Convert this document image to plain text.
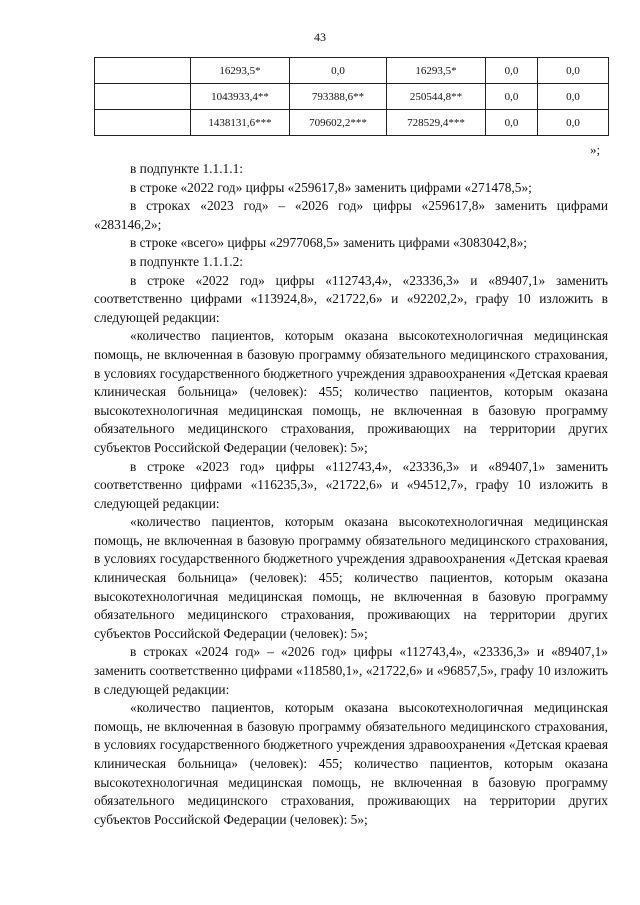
43
	16293,5*	0,0	16293,5*	0,0	0,0
	1043933,4**	793388,6**	250544,8**	0,0	0,0
	1438131,6***	709602,2***	728529,4***	0,0	0,0
»;

в подпункте 1.1.1.1:

в строке «2022 год» цифры «259617,8» заменить цифрами «271478,5»;

в строках «2023 год» – «2026 год» цифры «259617,8» заменить цифрами «283146,2»;

в строке «всего» цифры «2977068,5» заменить цифрами «3083042,8»;

в подпункте 1.1.1.2:

в строке «2022 год» цифры «112743,4», «23336,3» и «89407,1» заменить соответственно цифрами «113924,8», «21722,6» и «92202,2», графу 10 изложить в следующей редакции:

«количество пациентов, которым оказана высокотехнологичная медицинская помощь, не включенная в базовую программу обязательного медицинского страхования, в условиях государственного бюджетного учреждения здравоохранения «Детская краевая клиническая больница» (человек): 455; количество пациентов, которым оказана высокотехнологичная медицинская помощь, не включенная в базовую программу обязательного медицинского страхования, проживающих на территории других субъектов Российской Федерации (человек): 5»;

в строке «2023 год» цифры «112743,4», «23336,3» и «89407,1» заменить соответственно цифрами «116235,3», «21722,6» и «94512,7», графу 10 изложить в следующей редакции:

«количество пациентов, которым оказана высокотехнологичная медицинская помощь, не включенная в базовую программу обязательного медицинского страхования, в условиях государственного бюджетного учреждения здравоохранения «Детская краевая клиническая больница» (человек): 455; количество пациентов, которым оказана высокотехнологичная медицинская помощь, не включенная в базовую программу обязательного медицинского страхования, проживающих на территории других субъектов Российской Федерации (человек): 5»;

в строках «2024 год» – «2026 год» цифры «112743,4», «23336,3» и «89407,1» заменить соответственно цифрами «118580,1», «21722,6» и «96857,5», графу 10 изложить в следующей редакции:

«количество пациентов, которым оказана высокотехнологичная медицинская помощь, не включенная в базовую программу обязательного медицинского страхования, в условиях государственного бюджетного учреждения здравоохранения «Детская краевая клиническая больница» (человек): 455; количество пациентов, которым оказана высокотехнологичная медицинская помощь, не включенная в базовую программу обязательного медицинского страхования, проживающих на территории других субъектов Российской Федерации (человек): 5»;
